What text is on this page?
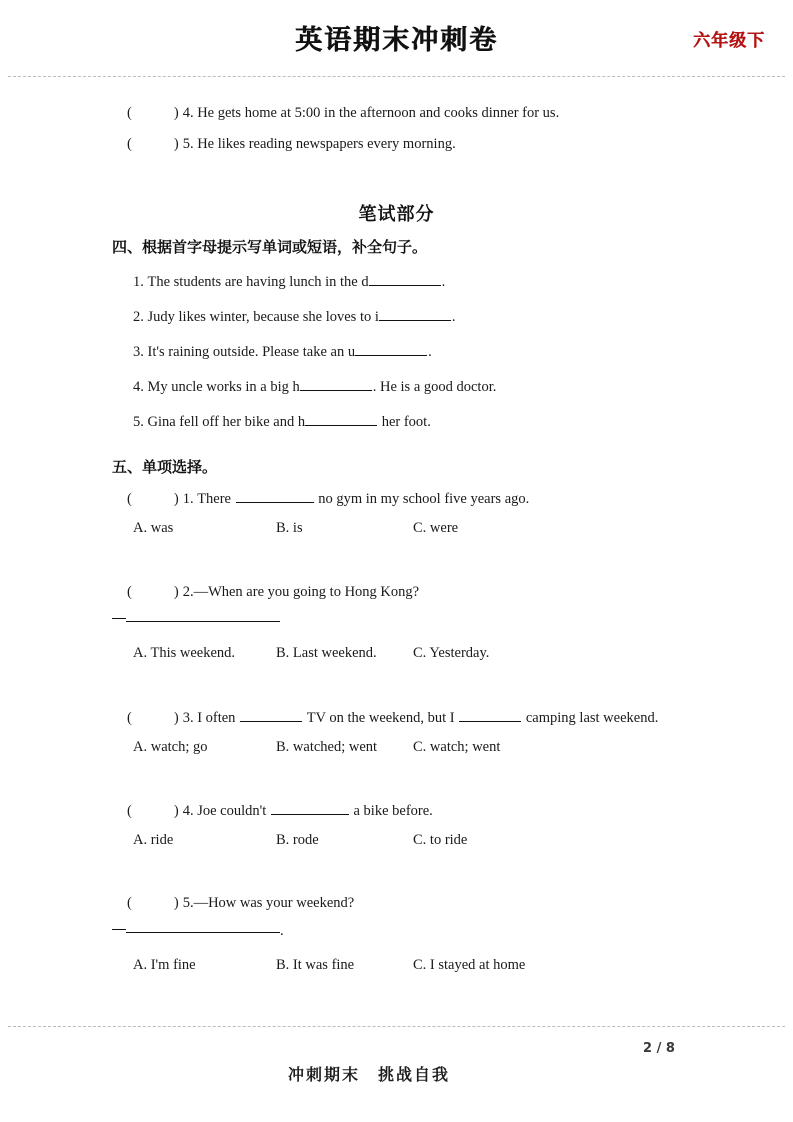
英语期末冲刺卷	六年级下
(	) 4. He gets home at 5:00 in the afternoon and cooks dinner for us.
(	) 5. He likes reading newspapers every morning.
笔试部分
四、根据首字母提示写单词或短语，补全句子。
1. The students are having lunch in the d	.
2. Judy likes winter, because she loves to i	.
3. It's raining outside. Please take an u	.
4. My uncle works in a big h	. He is a good doctor.
5. Gina fell off her bike and h	her foot.
五、单项选择。
(	) 1. There	no gym in my school five years ago.
A. was	B. is	C. were
(	) 2.—When are you going to Hong Kong?
A. This weekend.	B. Last weekend.	C. Yesterday.
(	) 3. I often	TV on the weekend, but I	camping last weekend.
A. watch; go	B. watched; went C. watch; went
(	) 4. Joe couldn't	a bike before.
A. ride	B. rode	C. to ride
(	) 5.—How was your weekend?
.
A. I'm fine	B. It was fine	C. I stayed at home
2 / 8
冲刺期末　挑战自我
